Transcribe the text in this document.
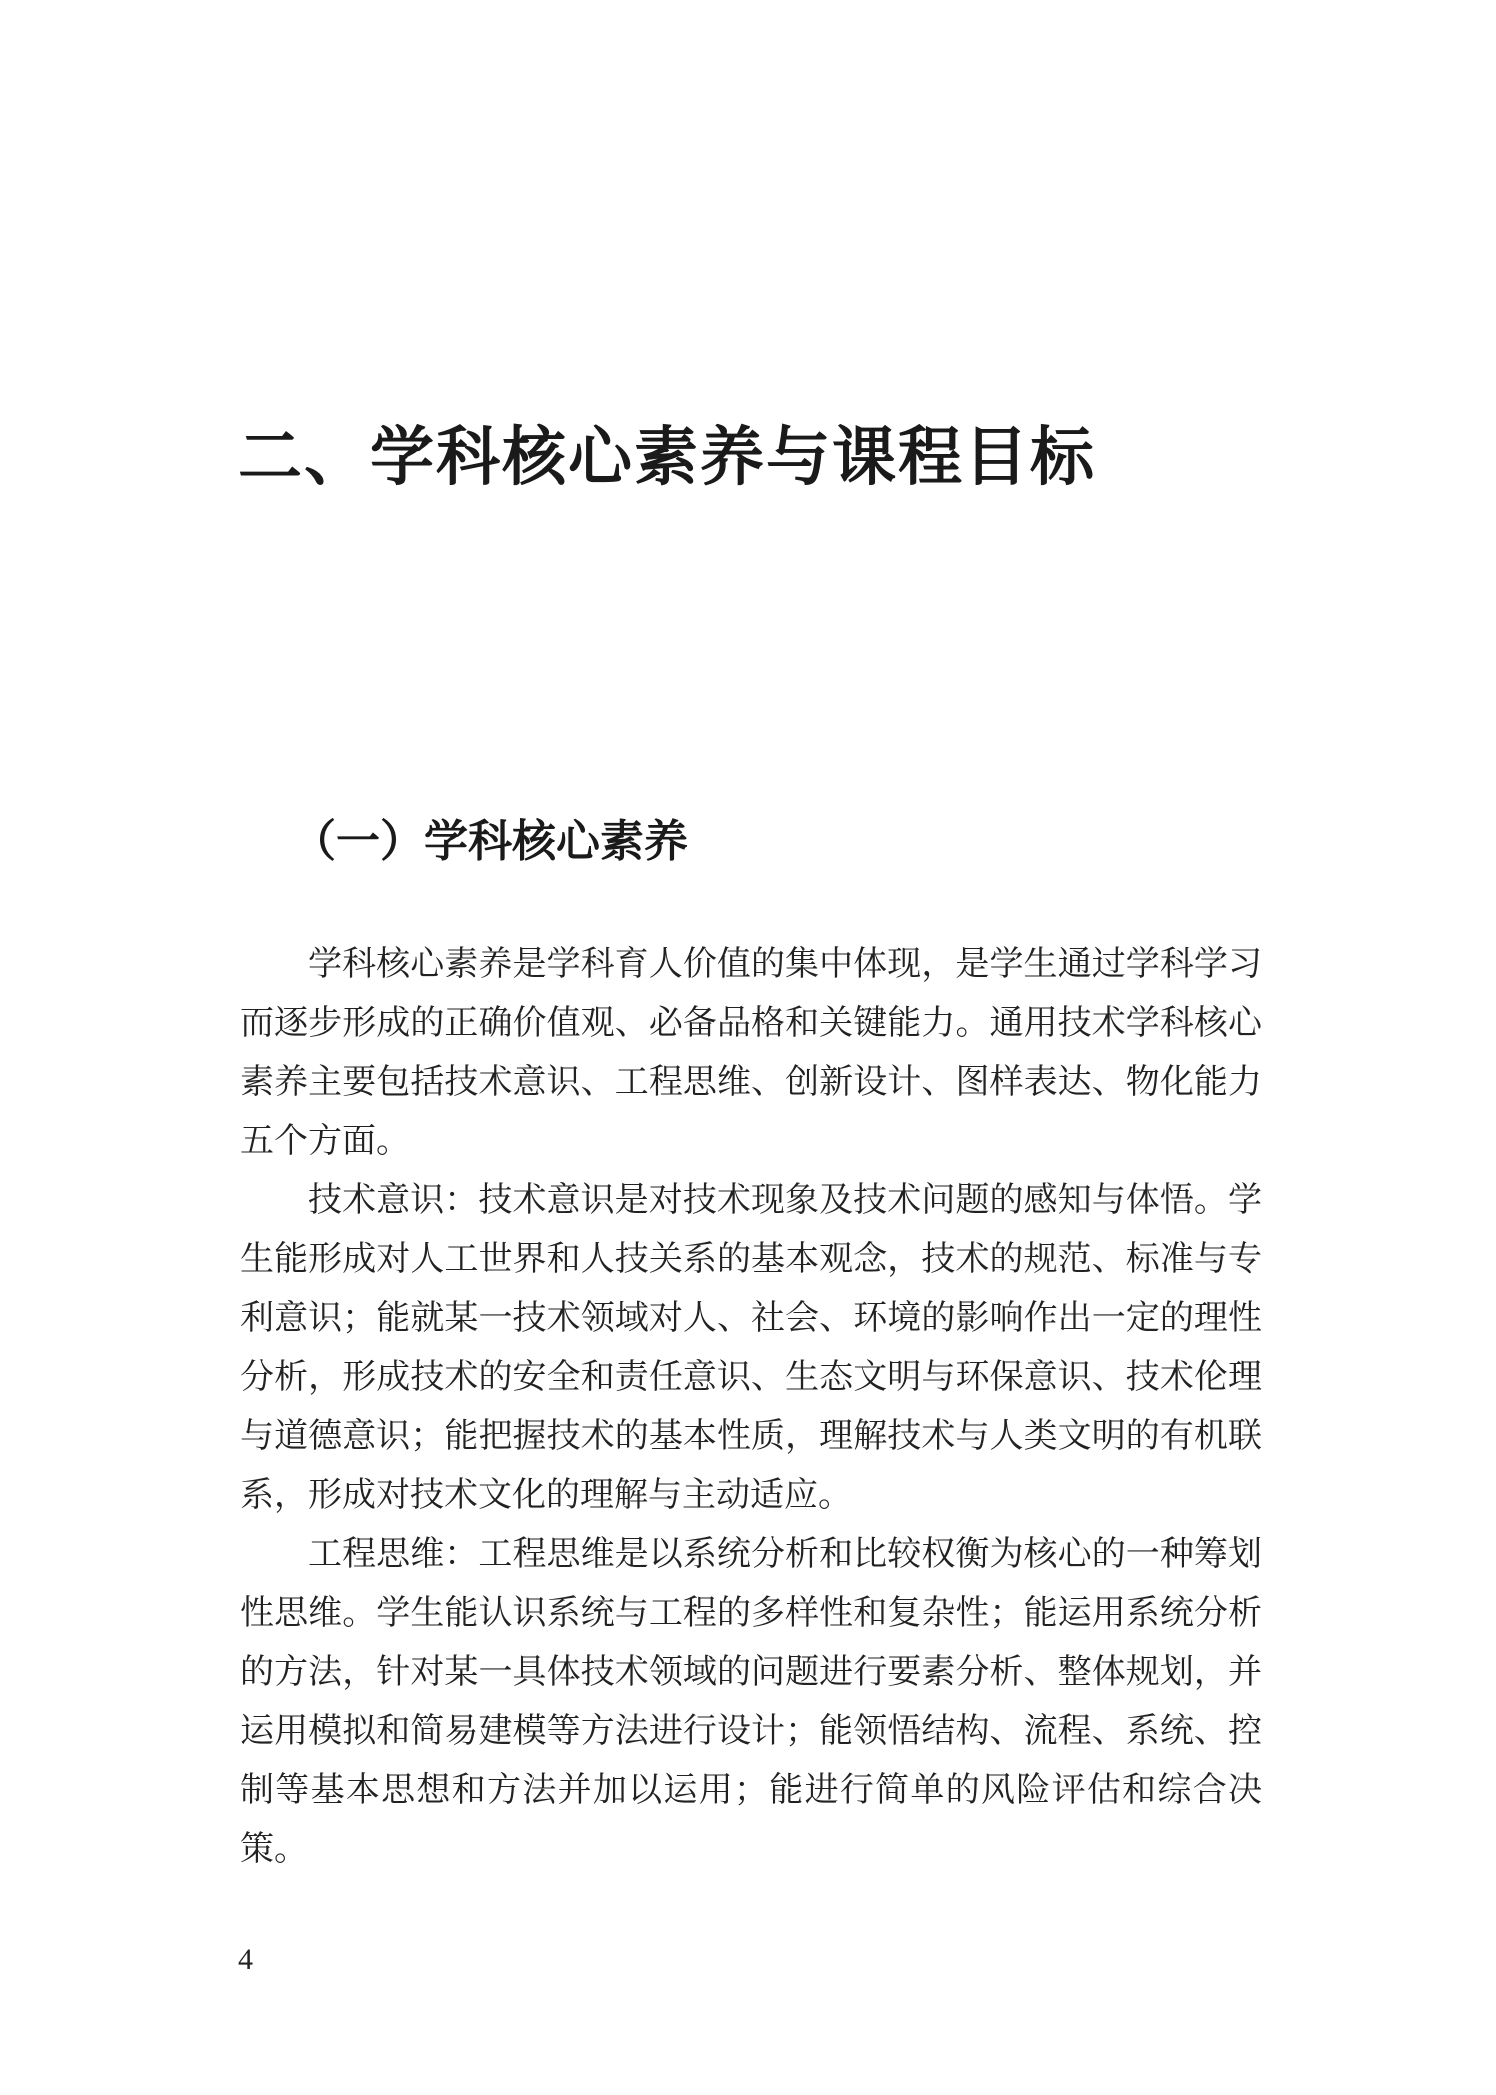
二、学科核心素养与课程目标
（一）学科核心素养

学科核心素养是学科育人价值的集中体现，是学生通过学科学习而逐步形成的正确价值观、必备品格和关键能力。通用技术学科核心素养主要包括技术意识、工程思维、创新设计、图样表达、物化能力五个方面。

技术意识：技术意识是对技术现象及技术问题的感知与体悟。学生能形成对人工世界和人技关系的基本观念，技术的规范、标准与专利意识；能就某一技术领域对人、社会、环境的影响作出一定的理性分析，形成技术的安全和责任意识、生态文明与环保意识、技术伦理与道德意识；能把握技术的基本性质，理解技术与人类文明的有机联系，形成对技术文化的理解与主动适应。

工程思维：工程思维是以系统分析和比较权衡为核心的一种筹划性思维。学生能认识系统与工程的多样性和复杂性；能运用系统分析的方法，针对某一具体技术领域的问题进行要素分析、整体规划，并运用模拟和简易建模等方法进行设计；能领悟结构、流程、系统、控制等基本思想和方法并加以运用；能进行简单的风险评估和综合决策。

4
